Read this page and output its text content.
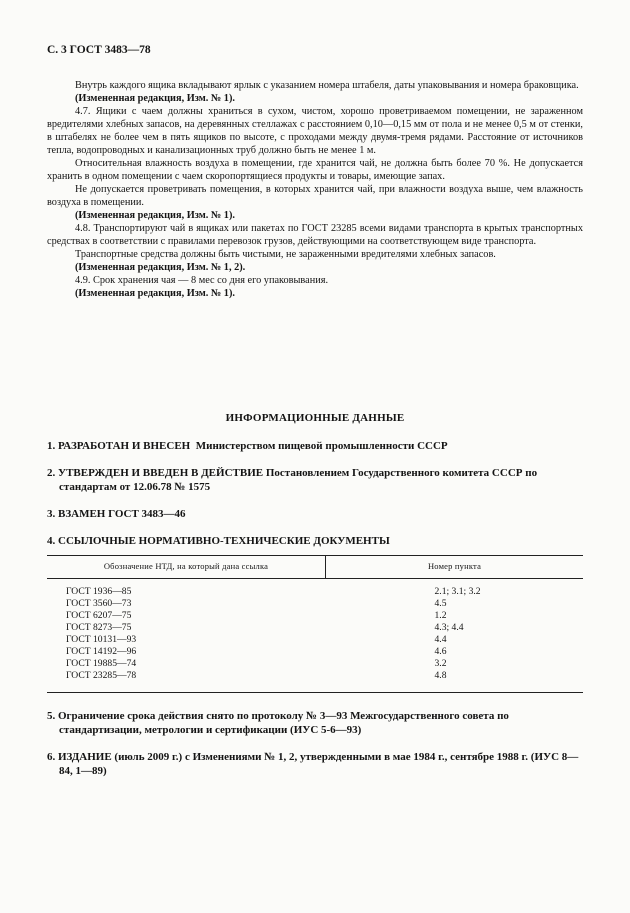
С. 3 ГОСТ 3483—78

Внутрь каждого ящика вкладывают ярлык с указанием номера штабеля, даты упаковывания и номера браковщика.

(Измененная редакция, Изм. № 1).

4.7. Ящики с чаем должны храниться в сухом, чистом, хорошо проветриваемом помещении, не зараженном вредителями хлебных запасов, на деревянных стеллажах с расстоянием 0,10—0,15 мм от пола и не менее 0,5 м от стенки, в штабелях не более чем в пять ящиков по высоте, с проходами между двумя-тремя рядами. Расстояние от источников тепла, водопроводных и канализационных труб должно быть не менее 1 м.

Относительная влажность воздуха в помещении, где хранится чай, не должна быть более 70 %. Не допускается хранить в одном помещении с чаем скоропортящиеся продукты и товары, имеющие запах.

Не допускается проветривать помещения, в которых хранится чай, при влажности воздуха выше, чем влажность воздуха в помещении.

(Измененная редакция, Изм. № 1).

4.8. Транспортируют чай в ящиках или пакетах по ГОСТ 23285 всеми видами транспорта в крытых транспортных средствах в соответствии с правилами перевозок грузов, действующими на соответствующем виде транспорта.

Транспортные средства должны быть чистыми, не зараженными вредителями хлебных запасов.

(Измененная редакция, Изм. № 1, 2).

4.9. Срок хранения чая — 8 мес со дня его упаковывания.

(Измененная редакция, Изм. № 1).

ИНФОРМАЦИОННЫЕ ДАННЫЕ
1. РАЗРАБОТАН И ВНЕСЕН Министерством пищевой промышленности СССР
2. УТВЕРЖДЕН И ВВЕДЕН В ДЕЙСТВИЕ Постановлением Государственного комитета СССР по стандартам от 12.06.78 № 1575
3. ВЗАМЕН ГОСТ 3483—46
4. ССЫЛОЧНЫЕ НОРМАТИВНО-ТЕХНИЧЕСКИЕ ДОКУМЕНТЫ
Обозначение НТД, на который дана ссылка	Номер пункта
ГОСТ 1936—85	2.1; 3.1; 3.2
ГОСТ 3560—73	4.5
ГОСТ 6207—75	1.2
ГОСТ 8273—75	4.3; 4.4
ГОСТ 10131—93	4.4
ГОСТ 14192—96	4.6
ГОСТ 19885—74	3.2
ГОСТ 23285—78	4.8
5. Ограничение срока действия снято по протоколу № 3—93 Межгосударственного совета по стандартизации, метрологии и сертификации (ИУС 5-6—93)
6. ИЗДАНИЕ (июль 2009 г.) с Изменениями № 1, 2, утвержденными в мае 1984 г., сентябре 1988 г. (ИУС 8—84, 1—89)
